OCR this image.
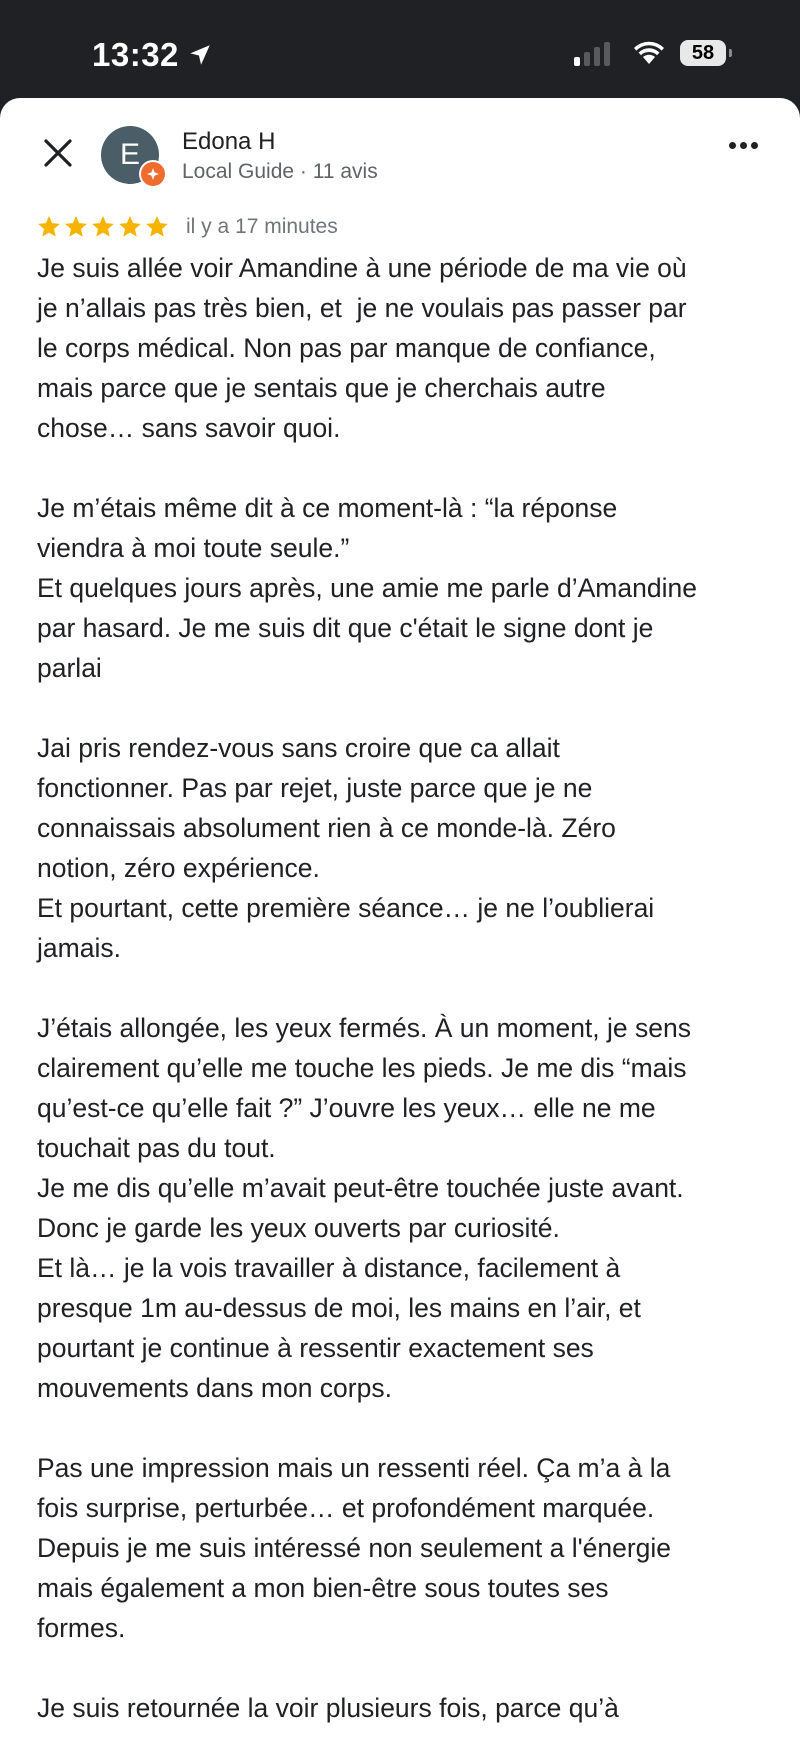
13:32	58
E Edona H
Local Guide · 11 avis
il y a 17 minutes

Je suis allée voir Amandine à une période de ma vie où
je n’allais pas très bien, et  je ne voulais pas passer par
le corps médical. Non pas par manque de confiance,
mais parce que je sentais que je cherchais autre
chose… sans savoir quoi.

Je m’étais même dit à ce moment-là : “la réponse
viendra à moi toute seule.”
Et quelques jours après, une amie me parle d’Amandine
par hasard. Je me suis dit que c'était le signe dont je
parlai

Jai pris rendez-vous sans croire que ca allait
fonctionner. Pas par rejet, juste parce que je ne
connaissais absolument rien à ce monde-là. Zéro
notion, zéro expérience.
Et pourtant, cette première séance… je ne l’oublierai
jamais.

J’étais allongée, les yeux fermés. À un moment, je sens
clairement qu’elle me touche les pieds. Je me dis “mais
qu’est-ce qu’elle fait ?” J’ouvre les yeux… elle ne me
touchait pas du tout.
Je me dis qu’elle m’avait peut-être touchée juste avant.
Donc je garde les yeux ouverts par curiosité.
Et là… je la vois travailler à distance, facilement à
presque 1m au-dessus de moi, les mains en l’air, et
pourtant je continue à ressentir exactement ses
mouvements dans mon corps.

Pas une impression mais un ressenti réel. Ça m’a à la
fois surprise, perturbée… et profondément marquée.
Depuis je me suis intéressé non seulement a l'énergie
mais également a mon bien-être sous toutes ses
formes.

Je suis retournée la voir plusieurs fois, parce qu’à
